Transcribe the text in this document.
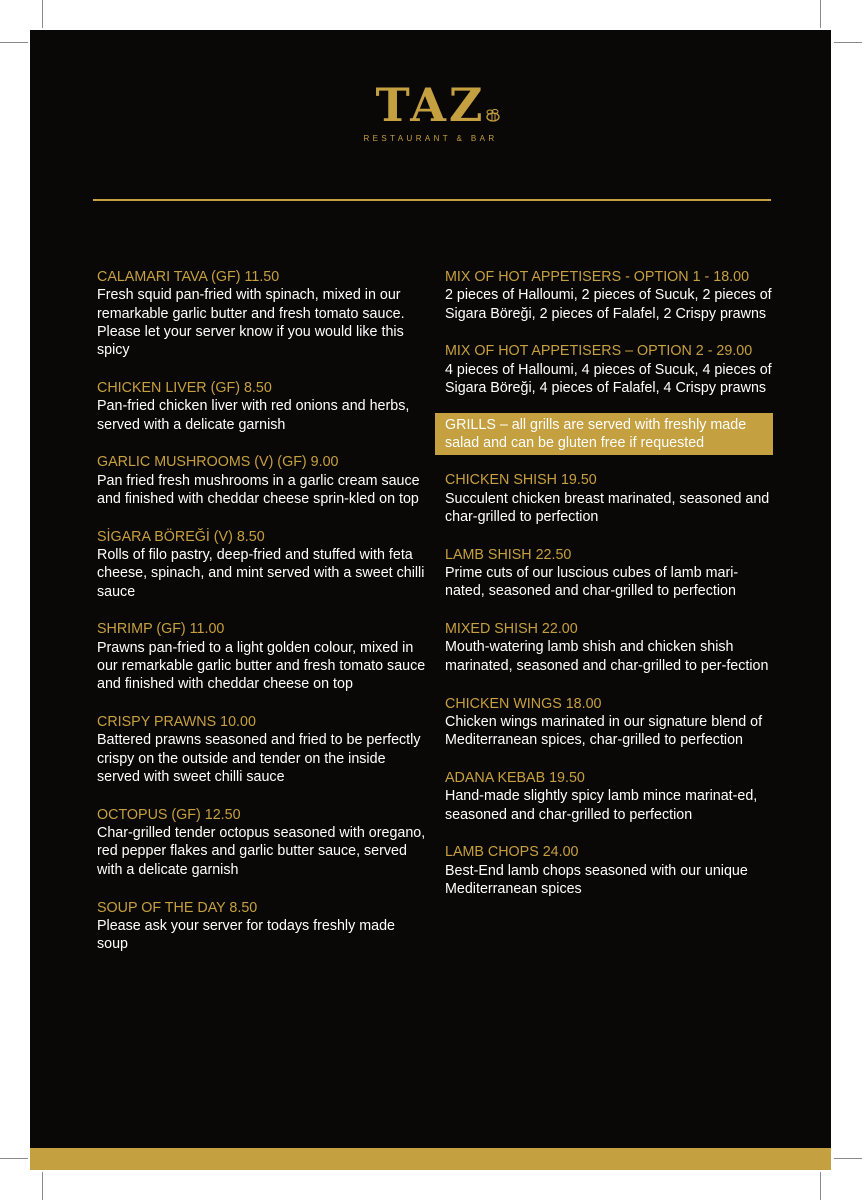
TAZ
RESTAURANT & BAR
CALAMARI TAVA (GF) 11.50
Fresh squid pan-fried with spinach, mixed in our remarkable garlic butter and fresh tomato sauce. Please let your server know if you would like this spicy
CHICKEN LIVER (GF) 8.50
Pan-fried chicken liver with red onions and herbs, served with a delicate garnish
GARLIC MUSHROOMS (V) (GF) 9.00
Pan fried fresh mushrooms in a garlic cream sauce and finished with cheddar cheese sprin-kled on top
SİGARA BÖREĞİ (V) 8.50
Rolls of filo pastry, deep-fried and stuffed with feta cheese, spinach, and mint served with a sweet chilli sauce
SHRIMP (GF) 11.00
Prawns pan-fried to a light golden colour, mixed in our remarkable garlic butter and fresh tomato sauce and finished with cheddar cheese on top
CRISPY PRAWNS 10.00
Battered prawns seasoned and fried to be perfectly crispy on the outside and tender on the inside served with sweet chilli sauce
OCTOPUS (GF) 12.50
Char-grilled tender octopus seasoned with oregano, red pepper flakes and garlic butter sauce, served with a delicate garnish
SOUP OF THE DAY 8.50
Please ask your server for todays freshly made soup
MIX OF HOT APPETISERS - OPTION 1 - 18.00
2 pieces of Halloumi, 2 pieces of Sucuk, 2 pieces of Sigara Böreği, 2 pieces of Falafel, 2 Crispy prawns
MIX OF HOT APPETISERS – OPTION 2 - 29.00
4 pieces of Halloumi, 4 pieces of Sucuk, 4 pieces of Sigara Böreği, 4 pieces of Falafel, 4 Crispy prawns
GRILLS – all grills are served with freshly made salad and can be gluten free if requested
CHICKEN SHISH 19.50
Succulent chicken breast marinated, seasoned and char-grilled to perfection
LAMB SHISH 22.50
Prime cuts of our luscious cubes of lamb mari-nated, seasoned and char-grilled to perfection
MIXED SHISH 22.00
Mouth-watering lamb shish and chicken shish marinated, seasoned and char-grilled to per-fection
CHICKEN WINGS 18.00
Chicken wings marinated in our signature blend of Mediterranean spices, char-grilled to perfection
ADANA KEBAB 19.50
Hand-made slightly spicy lamb mince marinat-ed, seasoned and char-grilled to perfection
LAMB CHOPS 24.00
Best-End lamb chops seasoned with our unique Mediterranean spices
